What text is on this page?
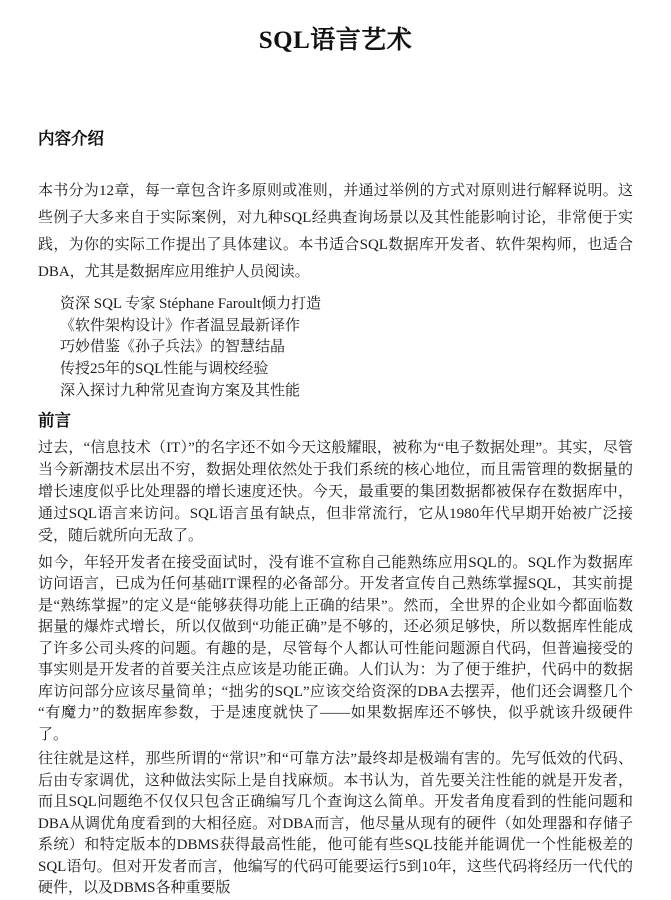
SQL语言艺术
内容介绍

本书分为12章，每一章包含许多原则或准则，并通过举例的方式对原则进行解释说明。这些例子大多来自于实际案例，对九种SQL经典查询场景以及其性能影响讨论，非常便于实践，为你的实际工作提出了具体建议。本书适合SQL数据库开发者、软件架构师，也适合DBA，尤其是数据库应用维护人员阅读。

资深 SQL 专家 Stéphane Faroult倾力打造
《软件架构设计》作者温昱最新译作
巧妙借鉴《孙子兵法》的智慧结晶
传授25年的SQL性能与调校经验
深入探讨九种常见查询方案及其性能
前言

过去，“信息技术（IT）”的名字还不如今天这般耀眼，被称为“电子数据处理”。其实，尽管当今新潮技术层出不穷，数据处理依然处于我们系统的核心地位，而且需管理的数据量的增长速度似乎比处理器的增长速度还快。今天，最重要的集团数据都被保存在数据库中，通过SQL语言来访问。SQL语言虽有缺点，但非常流行，它从1980年代早期开始被广泛接受，随后就所向无敌了。

如今，年轻开发者在接受面试时，没有谁不宣称自己能熟练应用SQL的。SQL作为数据库访问语言，已成为任何基础IT课程的必备部分。开发者宣传自己熟练掌握SQL，其实前提是“熟练掌握”的定义是“能够获得功能上正确的结果”。然而，全世界的企业如今都面临数据量的爆炸式增长，所以仅做到“功能正确”是不够的，还必须足够快，所以数据库性能成了许多公司头疼的问题。有趣的是，尽管每个人都认可性能问题源自代码，但普遍接受的事实则是开发者的首要关注点应该是功能正确。人们认为：为了便于维护，代码中的数据库访问部分应该尽量简单；“拙劣的SQL”应该交给资深的DBA去摆弄，他们还会调整几个“有魔力”的数据库参数，于是速度就快了——如果数据库还不够快，似乎就该升级硬件了。

往往就是这样，那些所谓的“常识”和“可靠方法”最终却是极端有害的。先写低效的代码、后由专家调优，这种做法实际上是自找麻烦。本书认为，首先要关注性能的就是开发者，而且SQL问题绝不仅仅只包含正确编写几个查询这么简单。开发者角度看到的性能问题和DBA从调优角度看到的大相径庭。对DBA而言，他尽量从现有的硬件（如处理器和存储子系统）和特定版本的DBMS获得最高性能，他可能有些SQL技能并能调优一个性能极差的SQL语句。但对开发者而言，他编写的代码可能要运行5到10年，这些代码将经历一代代的硬件，以及DBMS各种重要版
